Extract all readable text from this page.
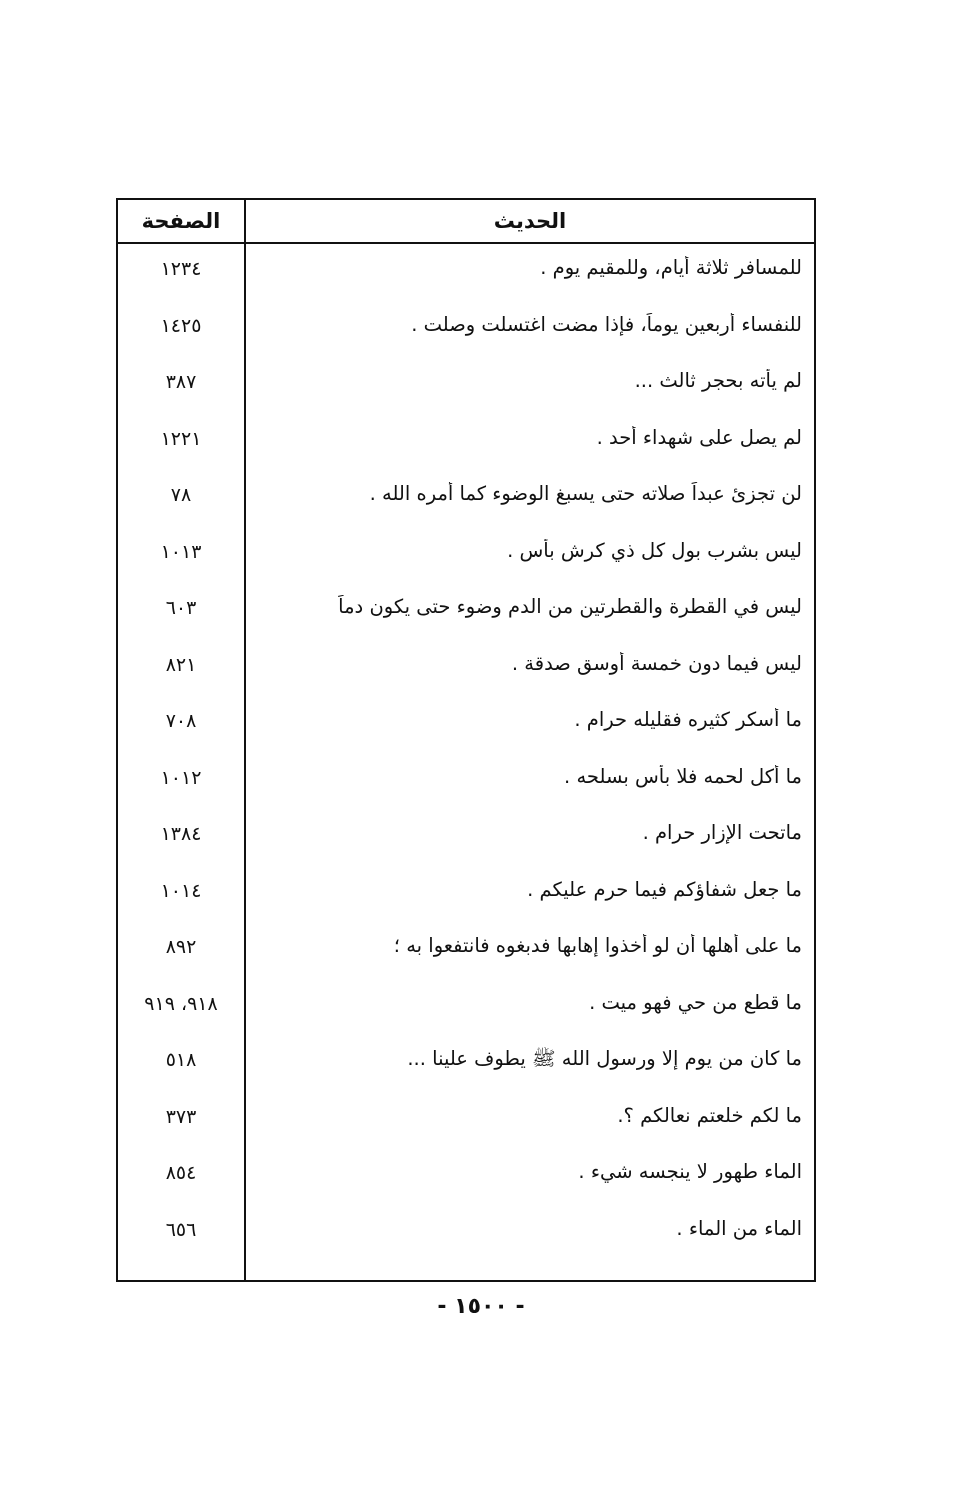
الصفحة	الحديث
للمسافر ثلاثة أيام، وللمقيم يوم .
١٢٣٤
للنفساء أربعين يوماً، فإذا مضت اغتسلت وصلت .
١٤٢٥
لم يأته بحجر ثالث ...
٣٨٧
لم يصل على شهداء أحد .
١٢٢١
لن تجزئ عبداً صلاته حتى يسبغ الوضوء كما أمره الله .
٧٨
ليس بشرب بول كل ذي كرش بأس .
١٠١٣
ليس في القطرة والقطرتين من الدم وضوء حتى يكون دماً
٦٠٣
ليس فيما دون خمسة أوسق صدقة .
٨٢١
ما أسكر كثيره فقليله حرام .
٧٠٨
ما أكل لحمه فلا بأس بسلحه .
١٠١٢
ماتحت الإزار حرام .
١٣٨٤
ما جعل شفاؤكم فيما حرم عليكم .
١٠١٤
ما على أهلها أن لو أخذوا إهابها فدبغوه فانتفعوا به ؛
٨٩٢
ما قطع من حي فهو ميت .
٩١٨، ٩١٩
ما كان من يوم إلا ورسول الله ﷺ يطوف علينا ...
٥١٨
ما لكم خلعتم نعالكم ؟.
٣٧٣
الماء طهور لا ينجسه شيء .
٨٥٤
الماء من الماء .
٦٥٦
- ١٥٠٠ -
